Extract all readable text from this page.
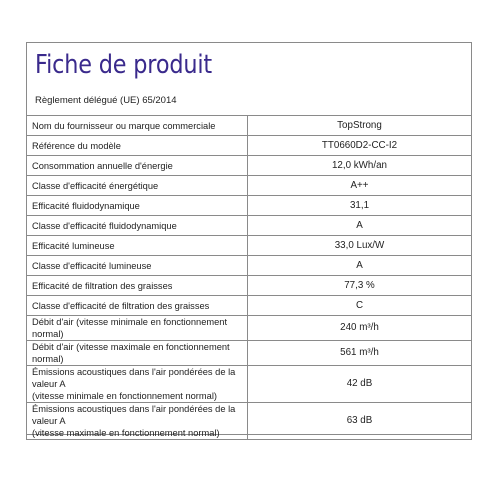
Fiche de produit
Règlement délégué (UE) 65/2014
Nom du fournisseur ou marque commerciale	TopStrong
Référence du modèle	TT0660D2-CC-I2
Consommation annuelle d'énergie	12,0 kWh/an
Classe d'efficacité énergétique	A++
Efficacité fluidodynamique	31,1
Classe d'efficacité fluidodynamique	A
Efficacité lumineuse	33,0 Lux/W
Classe d'efficacité lumineuse	A
Efficacité de filtration des graisses	77,3 %
Classe d'efficacité de filtration des graisses	C
Débit d'air (vitesse minimale en fonctionnement normal)	240 m³/h
Débit d'air (vitesse maximale en fonctionnement normal)	561 m³/h
Émissions acoustiques dans l'air pondérées de la valeur A
(vitesse minimale en fonctionnement normal)	42 dB
Émissions acoustiques dans l'air pondérées de la valeur A
(vitesse maximale en fonctionnement normal)	63 dB
